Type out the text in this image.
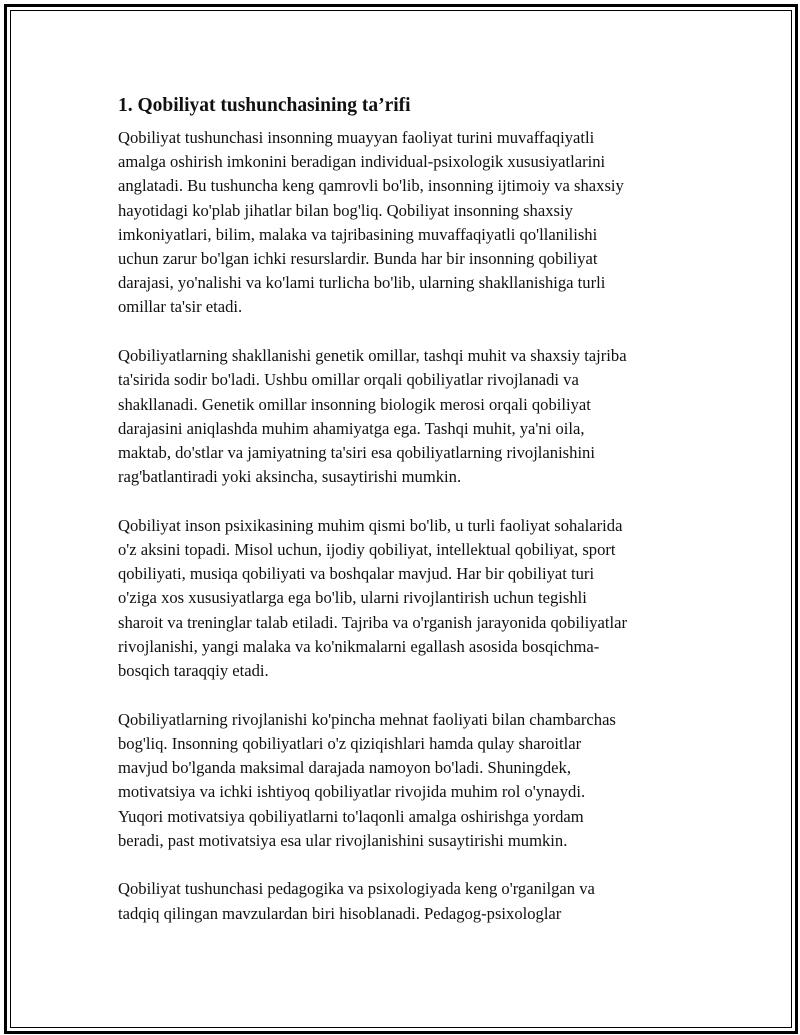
1. Qobiliyat tushunchasining ta’rifi

Qobiliyat tushunchasi insonning muayyan faoliyat turini muvaffaqiyatli
amalga oshirish imkonini beradigan individual-psixologik xususiyatlarini
anglatadi. Bu tushuncha keng qamrovli bo'lib, insonning ijtimoiy va shaxsiy
hayotidagi ko'plab jihatlar bilan bog'liq. Qobiliyat insonning shaxsiy
imkoniyatlari, bilim, malaka va tajribasining muvaffaqiyatli qo'llanilishi
uchun zarur bo'lgan ichki resurslardir. Bunda har bir insonning qobiliyat
darajasi, yo'nalishi va ko'lami turlicha bo'lib, ularning shakllanishiga turli
omillar ta'sir etadi.

Qobiliyatlarning shakllanishi genetik omillar, tashqi muhit va shaxsiy tajriba
ta'sirida sodir bo'ladi. Ushbu omillar orqali qobiliyatlar rivojlanadi va
shakllanadi. Genetik omillar insonning biologik merosi orqali qobiliyat
darajasini aniqlashda muhim ahamiyatga ega. Tashqi muhit, ya'ni oila,
maktab, do'stlar va jamiyatning ta'siri esa qobiliyatlarning rivojlanishini
rag'batlantiradi yoki aksincha, susaytirishi mumkin.

Qobiliyat inson psixikasining muhim qismi bo'lib, u turli faoliyat sohalarida
o'z aksini topadi. Misol uchun, ijodiy qobiliyat, intellektual qobiliyat, sport
qobiliyati, musiqa qobiliyati va boshqalar mavjud. Har bir qobiliyat turi
o'ziga xos xususiyatlarga ega bo'lib, ularni rivojlantirish uchun tegishli
sharoit va treninglar talab etiladi. Tajriba va o'rganish jarayonida qobiliyatlar
rivojlanishi, yangi malaka va ko'nikmalarni egallash asosida bosqichma-
bosqich taraqqiy etadi.

Qobiliyatlarning rivojlanishi ko'pincha mehnat faoliyati bilan chambarchas
bog'liq. Insonning qobiliyatlari o'z qiziqishlari hamda qulay sharoitlar
mavjud bo'lganda maksimal darajada namoyon bo'ladi. Shuningdek,
motivatsiya va ichki ishtiyoq qobiliyatlar rivojida muhim rol o'ynaydi.
Yuqori motivatsiya qobiliyatlarni to'laqonli amalga oshirishga yordam
beradi, past motivatsiya esa ular rivojlanishini susaytirishi mumkin.

Qobiliyat tushunchasi pedagogika va psixologiyada keng o'rganilgan va
tadqiq qilingan mavzulardan biri hisoblanadi. Pedagog-psixologlar
